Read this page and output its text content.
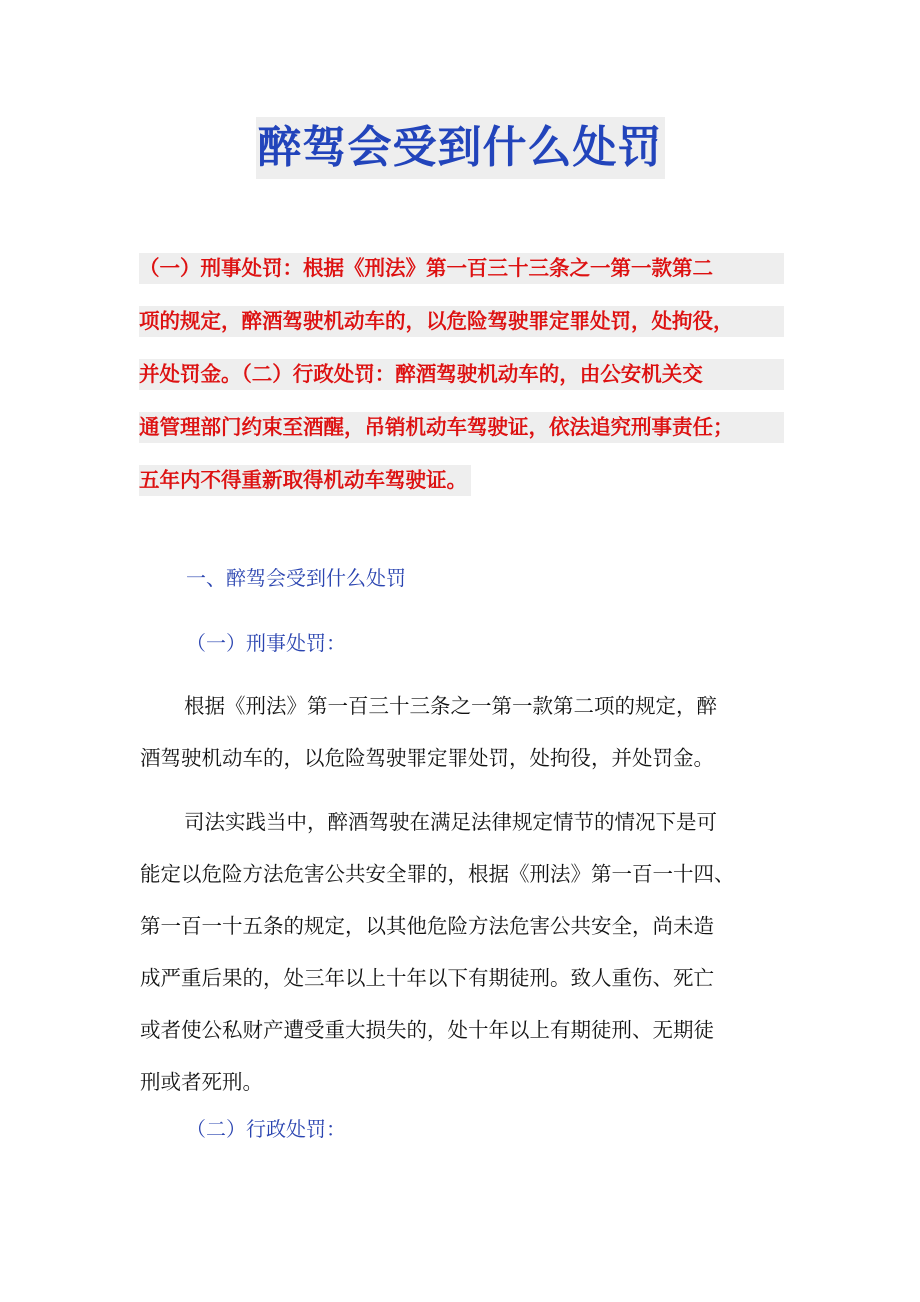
醉驾会受到什么处罚
（一）刑事处罚：根据《刑法》第一百三十三条之一第一款第二
项的规定，醉酒驾驶机动车的，以危险驾驶罪定罪处罚，处拘役，
并处罚金。（二）行政处罚：醉酒驾驶机动车的，由公安机关交
通管理部门约束至酒醒，吊销机动车驾驶证，依法追究刑事责任；
五年内不得重新取得机动车驾驶证。
一、醉驾会受到什么处罚
（一）刑事处罚：
根据《刑法》第一百三十三条之一第一款第二项的规定，醉
酒驾驶机动车的，以危险驾驶罪定罪处罚，处拘役，并处罚金。
司法实践当中，醉酒驾驶在满足法律规定情节的情况下是可
能定以危险方法危害公共安全罪的，根据《刑法》第一百一十四、
第一百一十五条的规定，以其他危险方法危害公共安全，尚未造
成严重后果的，处三年以上十年以下有期徒刑。致人重伤、死亡
或者使公私财产遭受重大损失的，处十年以上有期徒刑、无期徒
刑或者死刑。
（二）行政处罚：
